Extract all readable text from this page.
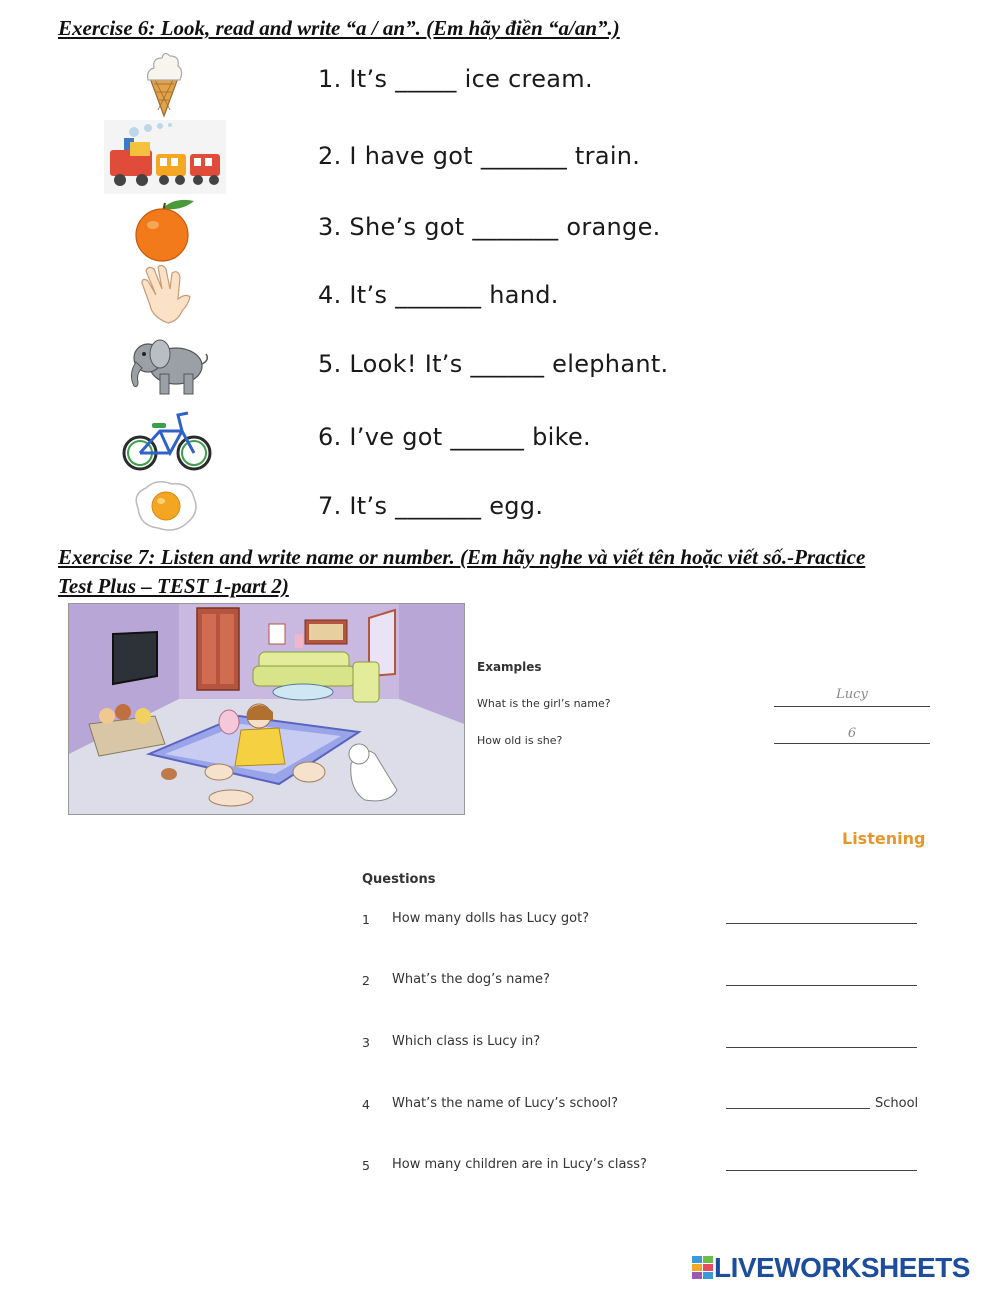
Exercise 6: Look, read and write “a / an”. (Em hãy điền “a/an”.)
1. It’s _____ ice cream.
2. I have got _______ train.
3. She’s got _______ orange.
4. It’s _______ hand.
5. Look! It’s ______ elephant.
6. I’ve got ______ bike.
7. It’s _______ egg.
Exercise 7: Listen and write name or number. (Em hãy nghe và viết tên hoặc viết số.-Practice
Test Plus – TEST 1-part 2)
Examples
What is the girl’s name?
Lucy
How old is she?	6
Listening
Questions
1 How many dolls has Lucy got?
2 What’s the dog’s name?
3 Which class is Lucy in?
4 What’s the name of Lucy’s school?	School
5 How many children are in Lucy’s class?
LIVEWORKSHEETS
